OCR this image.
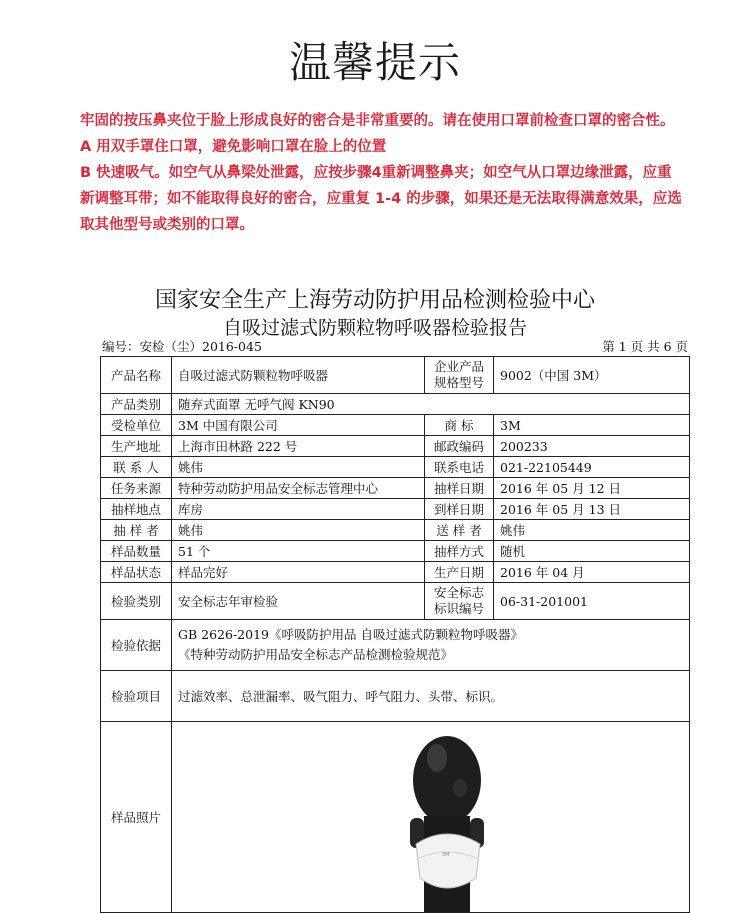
温馨提示
牢固的按压鼻夹位于脸上形成良好的密合是非常重要的。请在使用口罩前检查口罩的密合性。
A 用双手罩住口罩，避免影响口罩在脸上的位置
B 快速吸气。如空气从鼻梁处泄露，应按步骤4重新调整鼻夹；如空气从口罩边缘泄露，应重
新调整耳带；如不能取得良好的密合，应重复 1-4 的步骤，如果还是无法取得满意效果，应选
取其他型号或类别的口罩。
国家安全生产上海劳动防护用品检测检验中心
自吸过滤式防颗粒物呼吸器检验报告
编号：安检（尘）2016-045	第 1 页 共 6 页
产品名称	自吸过滤式防颗粒物呼吸器	企业产品规格型号	9002（中国 3M）
产品类别	随弃式面罩 无呼气阀 KN90		
受检单位	3M 中国有限公司	商 标	3M
生产地址	上海市田林路 222 号	邮政编码	200233
联 系 人	姚伟	联系电话	021-22105449
任务来源	特种劳动防护用品安全标志管理中心	抽样日期	2016 年 05 月 12 日
抽样地点	库房	到样日期	2016 年 05 月 13 日
抽 样 者	姚伟	送 样 者	姚伟
样品数量	51 个	抽样方式	随机
样品状态	样品完好	生产日期	2016 年 04 月
检验类别	安全标志年审检验	安全标志标识编号	06-31-201001
检验依据	GB 2626-2019《呼吸防护用品 自吸过滤式防颗粒物呼吸器》
《特种劳动防护用品安全标志产品检测检验规范》		

检验项目	过滤效率、总泄漏率、吸气阻力、呼气阻力、头带、标识。		
样品照片	3M		
